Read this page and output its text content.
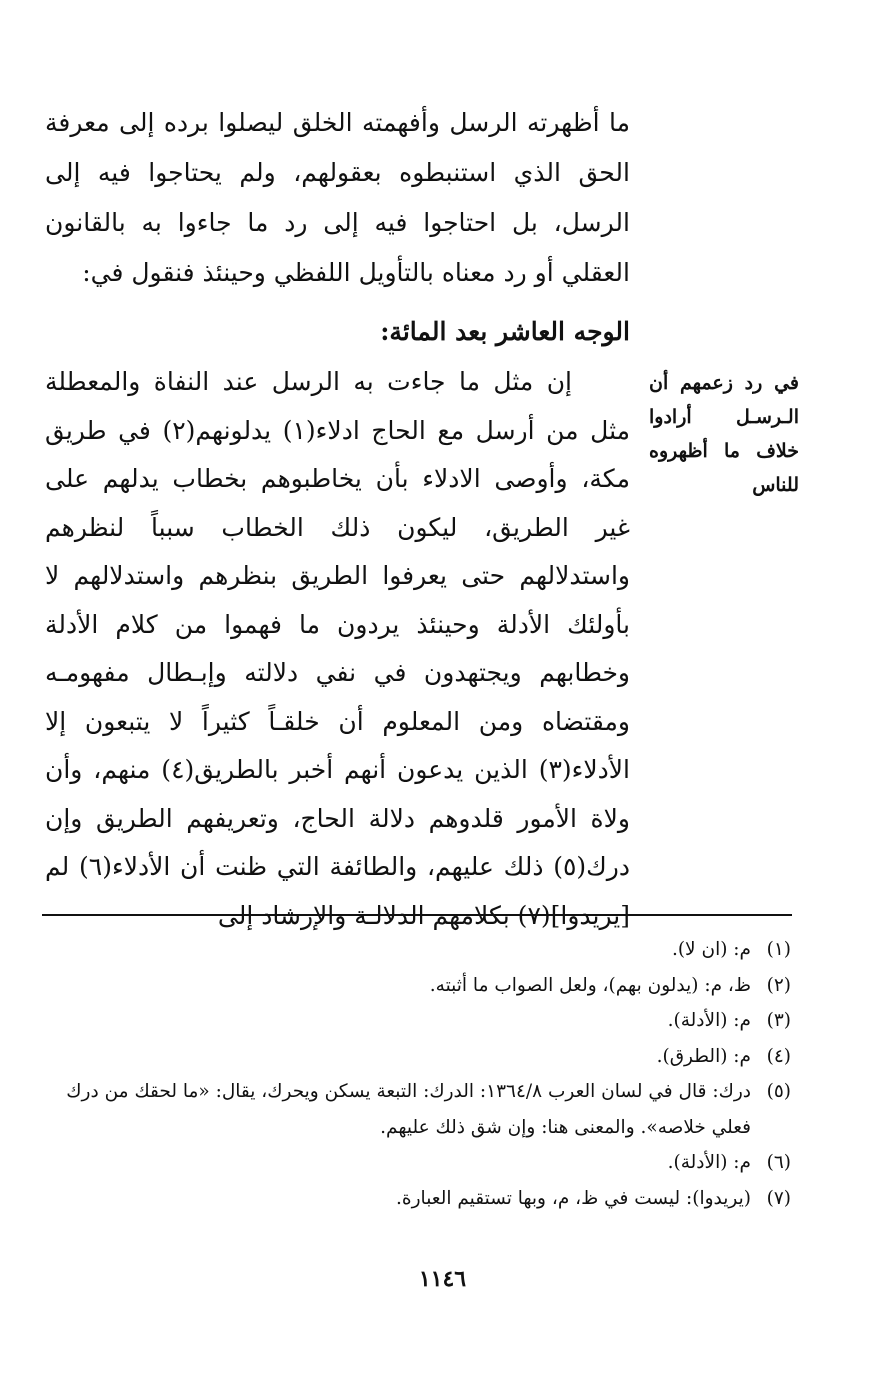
ما أظهرته الرسل وأفهمته الخلق ليصلوا برده إلى معرفة الحق الذي استنبطوه بعقولهم، ولم يحتاجوا فيه إلى الرسل، بل احتاجوا فيه إلى رد ما جاءوا به بالقانون العقلي أو رد معناه بالتأويل اللفظي وحينئذ فنقول في:

الوجه العاشر بعد المائة:
إن مثل ما جاءت به الرسل عند النفاة والمعطلة مثل من أرسل مع الحاج ادلاء(١) يدلونهم(٢) في طريق مكة، وأوصى الادلاء بأن يخاطبوهم بخطاب يدلهم على غير الطريق، ليكون ذلك الخطاب سبباً لنظرهم واستدلالهم حتى يعرفوا الطريق بنظرهم واستدلالهم لا بأولئك الأدلة وحينئذ يردون ما فهموا من كلام الأدلة وخطابهم ويجتهدون في نفي دلالته وإبـطال مفهومـه ومقتضاه ومن المعلوم أن خلقـاً كثيراً لا يتبعون إلا الأدلاء(٣) الذين يدعون أنهم أخبر بالطريق(٤) منهم، وأن ولاة الأمور قلدوهم دلالة الحاج، وتعريفهم الطريق وإن درك(٥) ذلك عليهم، والطائفة التي ظنت أن الأدلاء(٦) لم [يريدوا](٧) بكلامهم الدلالـة والإرشاد إلى
في رد زعمهم أن الـرسـل أرادوا خلاف ما أظهروه للناس
(١)
م: (ان لا).
(٢)
ظ، م: (يدلون بهم)، ولعل الصواب ما أثبته.
(٣)
م: (الأدلة).
(٤)
م: (الطرق).
(٥)
درك: قال في لسان العرب ١٣٦٤/٨: الدرك: التبعة يسكن ويحرك، يقال: «ما لحقك من درك فعلي خلاصه». والمعنى هنا: وإن شق ذلك عليهم.
(٦)
م: (الأدلة).
(٧)
(يريدوا): ليست في ظ، م، وبها تستقيم العبارة.
١١٤٦
